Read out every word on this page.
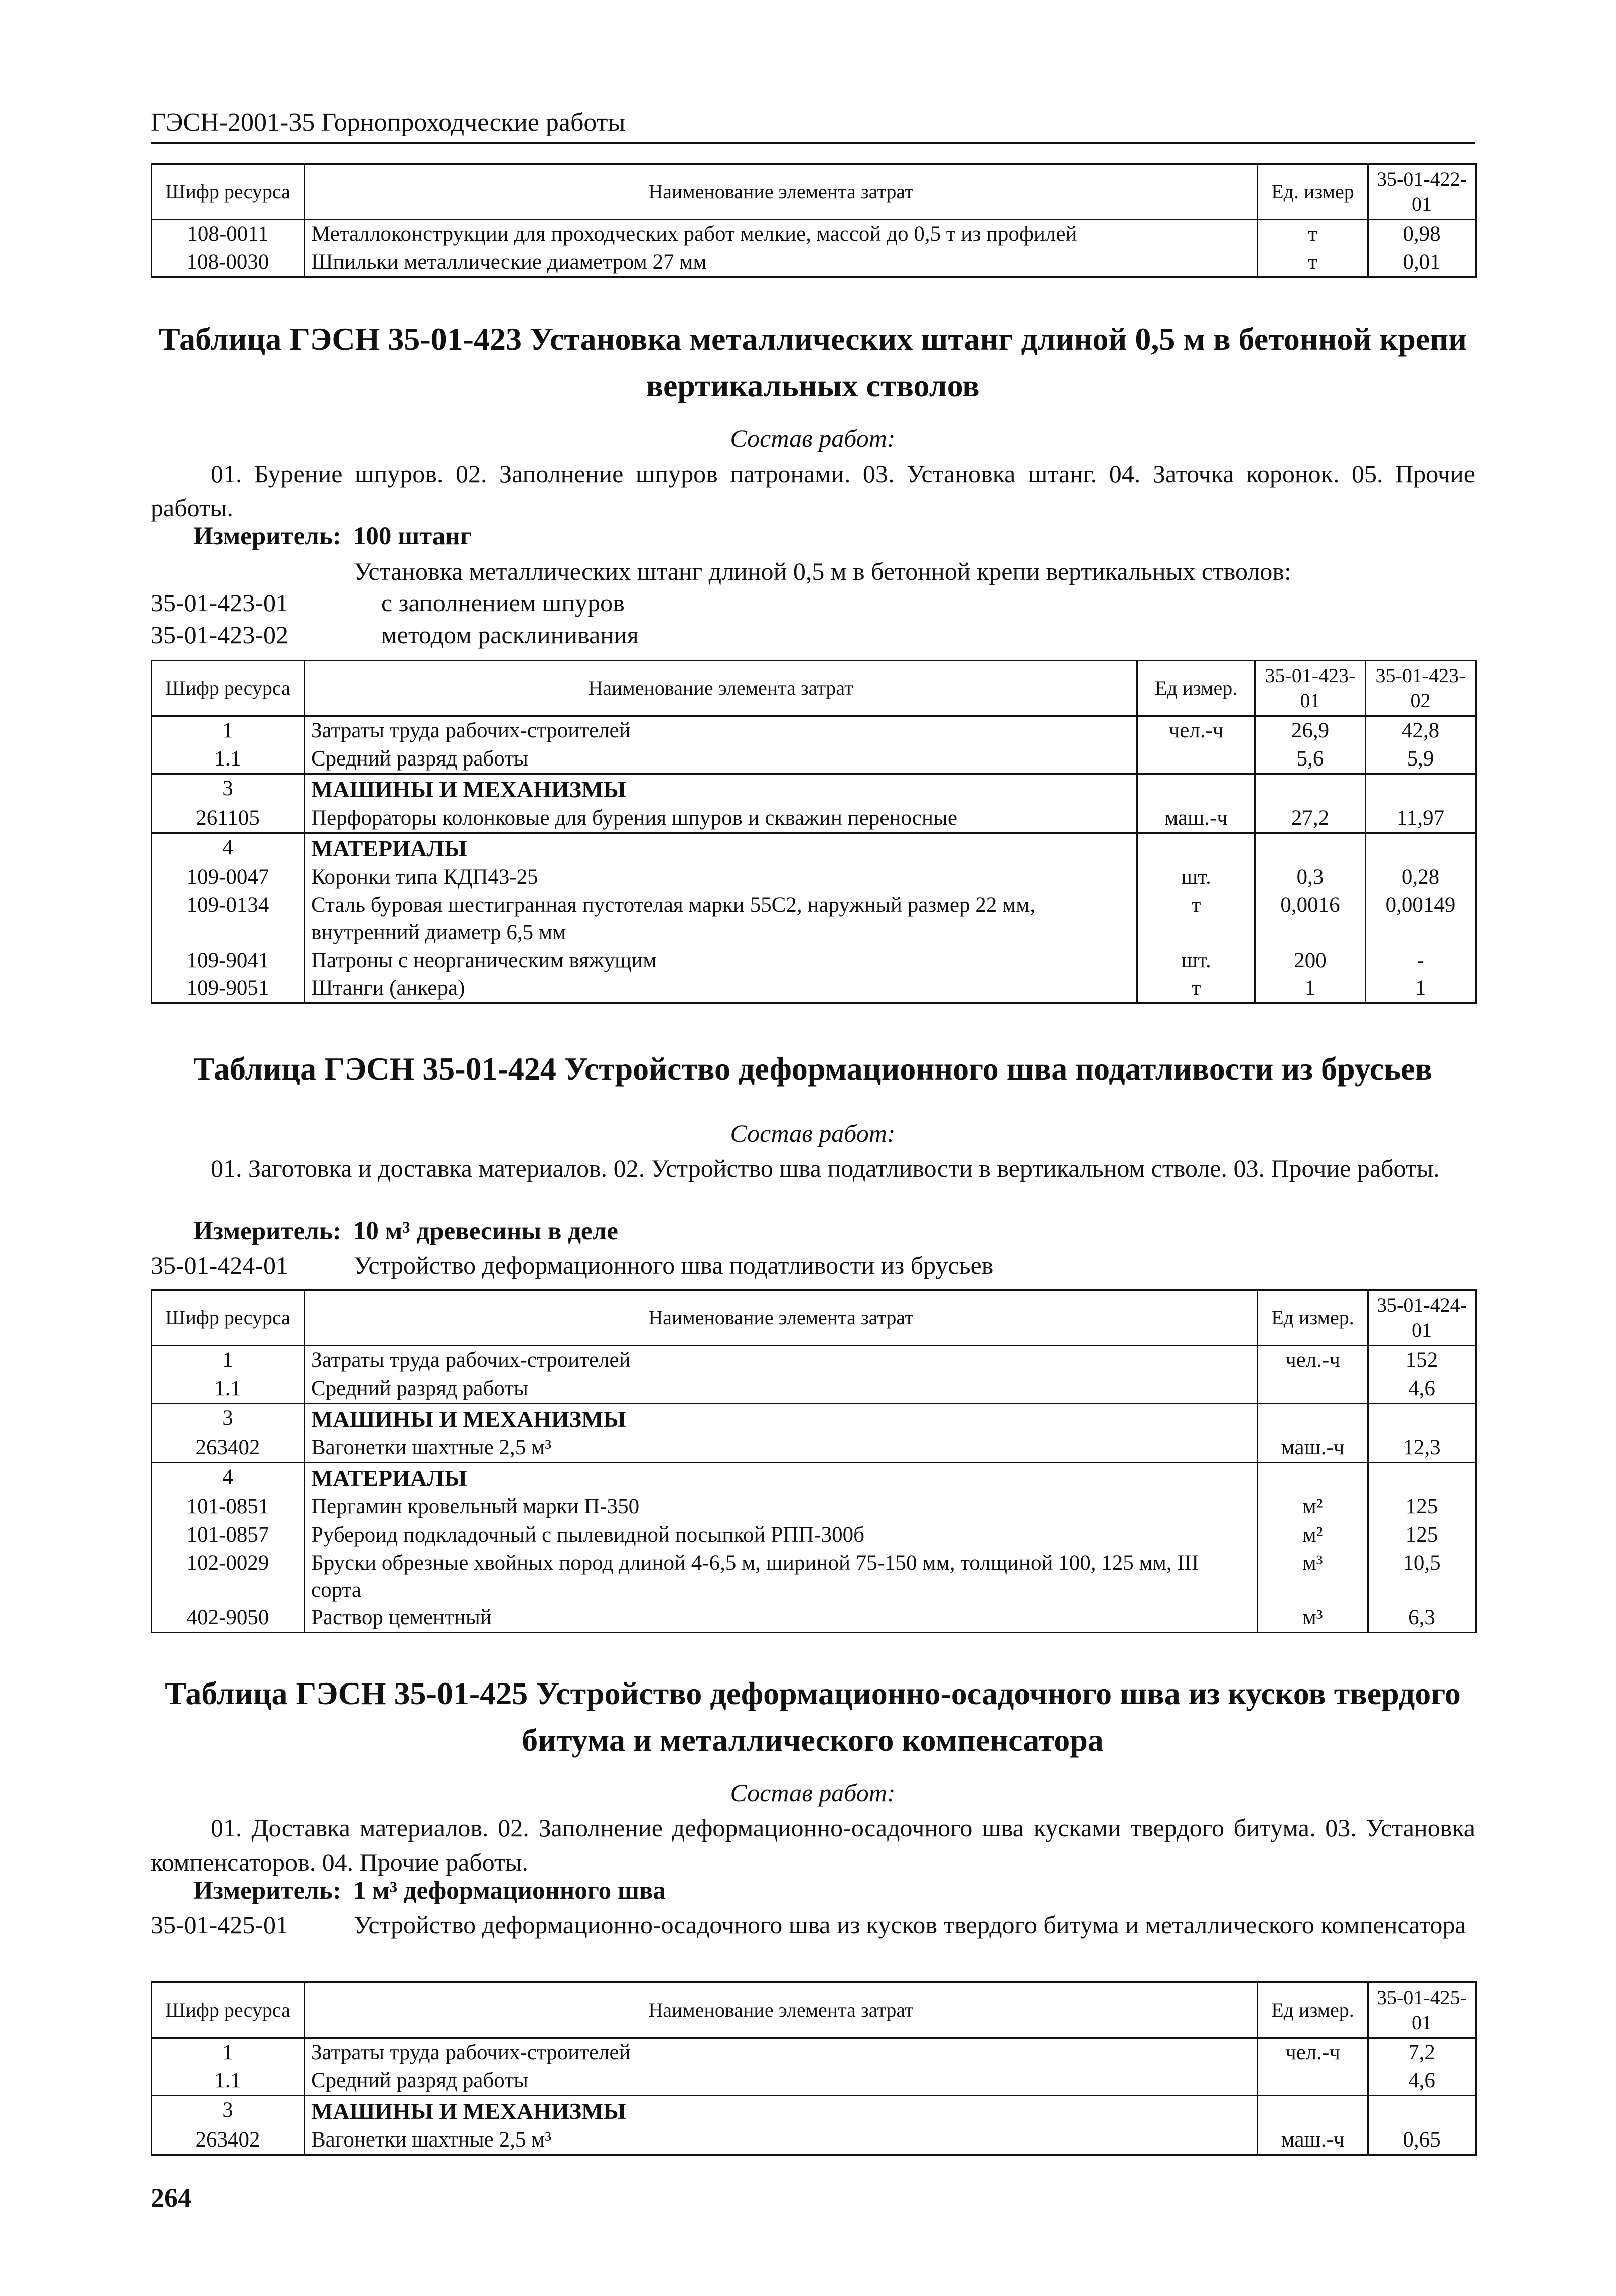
ГЭСН-2001-35 Горнопроходческие работы
Шифр ресурса	Наименование элемента затрат	Ед. измер	35-01-422-01
108-0011	Металлоконструкции для проходческих работ мелкие, массой до 0,5 т из профилей	т	0,98
108-0030	Шпильки металлические диаметром 27 мм	т	0,01
Таблица ГЭСН 35-01-423 Установка металлических штанг длиной 0,5 м в бетонной крепи вертикальных стволов
Состав работ:
01. Бурение шпуров. 02. Заполнение шпуров патронами. 03. Установка штанг. 04. Заточка коронок. 05. Прочие работы.
Измеритель: 100 штанг
Установка металлических штанг длиной 0,5 м в бетонной крепи вертикальных стволов:
35-01-423-01	с заполнением шпуров
35-01-423-02	методом расклинивания
Шифр ресурса	Наименование элемента затрат	Ед измер.	35-01-423-01	35-01-423-02
1	Затраты труда рабочих-строителей	чел.-ч	26,9	42,8
1.1	Средний разряд работы		5,6	5,9
3	МАШИНЫ И МЕХАНИЗМЫ			
261105	Перфораторы колонковые для бурения шпуров и скважин переносные	маш.-ч	27,2	11,97
4	МАТЕРИАЛЫ			
109-0047	Коронки типа КДП43-25	шт.	0,3	0,28
109-0134	Сталь буровая шестигранная пустотелая марки 55С2, наружный размер 22 мм, внутренний диаметр 6,5 мм	т	0,0016	0,00149
109-9041	Патроны с неорганическим вяжущим	шт.	200	-
109-9051	Штанги (анкера)	т	1	1
Таблица ГЭСН 35-01-424 Устройство деформационного шва податливости из брусьев
Состав работ:
01. Заготовка и доставка материалов. 02. Устройство шва податливости в вертикальном стволе. 03. Прочие работы.
Измеритель: 10 м³ древесины в деле
35-01-424-01	Устройство деформационного шва податливости из брусьев
Шифр ресурса	Наименование элемента затрат	Ед измер.	35-01-424-01
1	Затраты труда рабочих-строителей	чел.-ч	152
1.1	Средний разряд работы		4,6
3	МАШИНЫ И МЕХАНИЗМЫ		
263402	Вагонетки шахтные 2,5 м³	маш.-ч	12,3
4	МАТЕРИАЛЫ		
101-0851	Пергамин кровельный марки П-350	м²	125
101-0857	Рубероид подкладочный с пылевидной посыпкой РПП-300б	м²	125
102-0029	Бруски обрезные хвойных пород длиной 4-6,5 м, шириной 75-150 мм, толщиной 100, 125 мм, III сорта	м³	10,5
402-9050	Раствор цементный	м³	6,3
Таблица ГЭСН 35-01-425 Устройство деформационно-осадочного шва из кусков твердого битума и металлического компенсатора
Состав работ:
01. Доставка материалов. 02. Заполнение деформационно-осадочного шва кусками твердого битума. 03. Установка компенсаторов. 04. Прочие работы.
Измеритель: 1 м³ деформационного шва
35-01-425-01	Устройство деформационно-осадочного шва из кусков твердого битума и металлического компенсатора
Шифр ресурса	Наименование элемента затрат	Ед измер.	35-01-425-01
1	Затраты труда рабочих-строителей	чел.-ч	7,2
1.1	Средний разряд работы		4,6
3	МАШИНЫ И МЕХАНИЗМЫ		
263402	Вагонетки шахтные 2,5 м³	маш.-ч	0,65
264
